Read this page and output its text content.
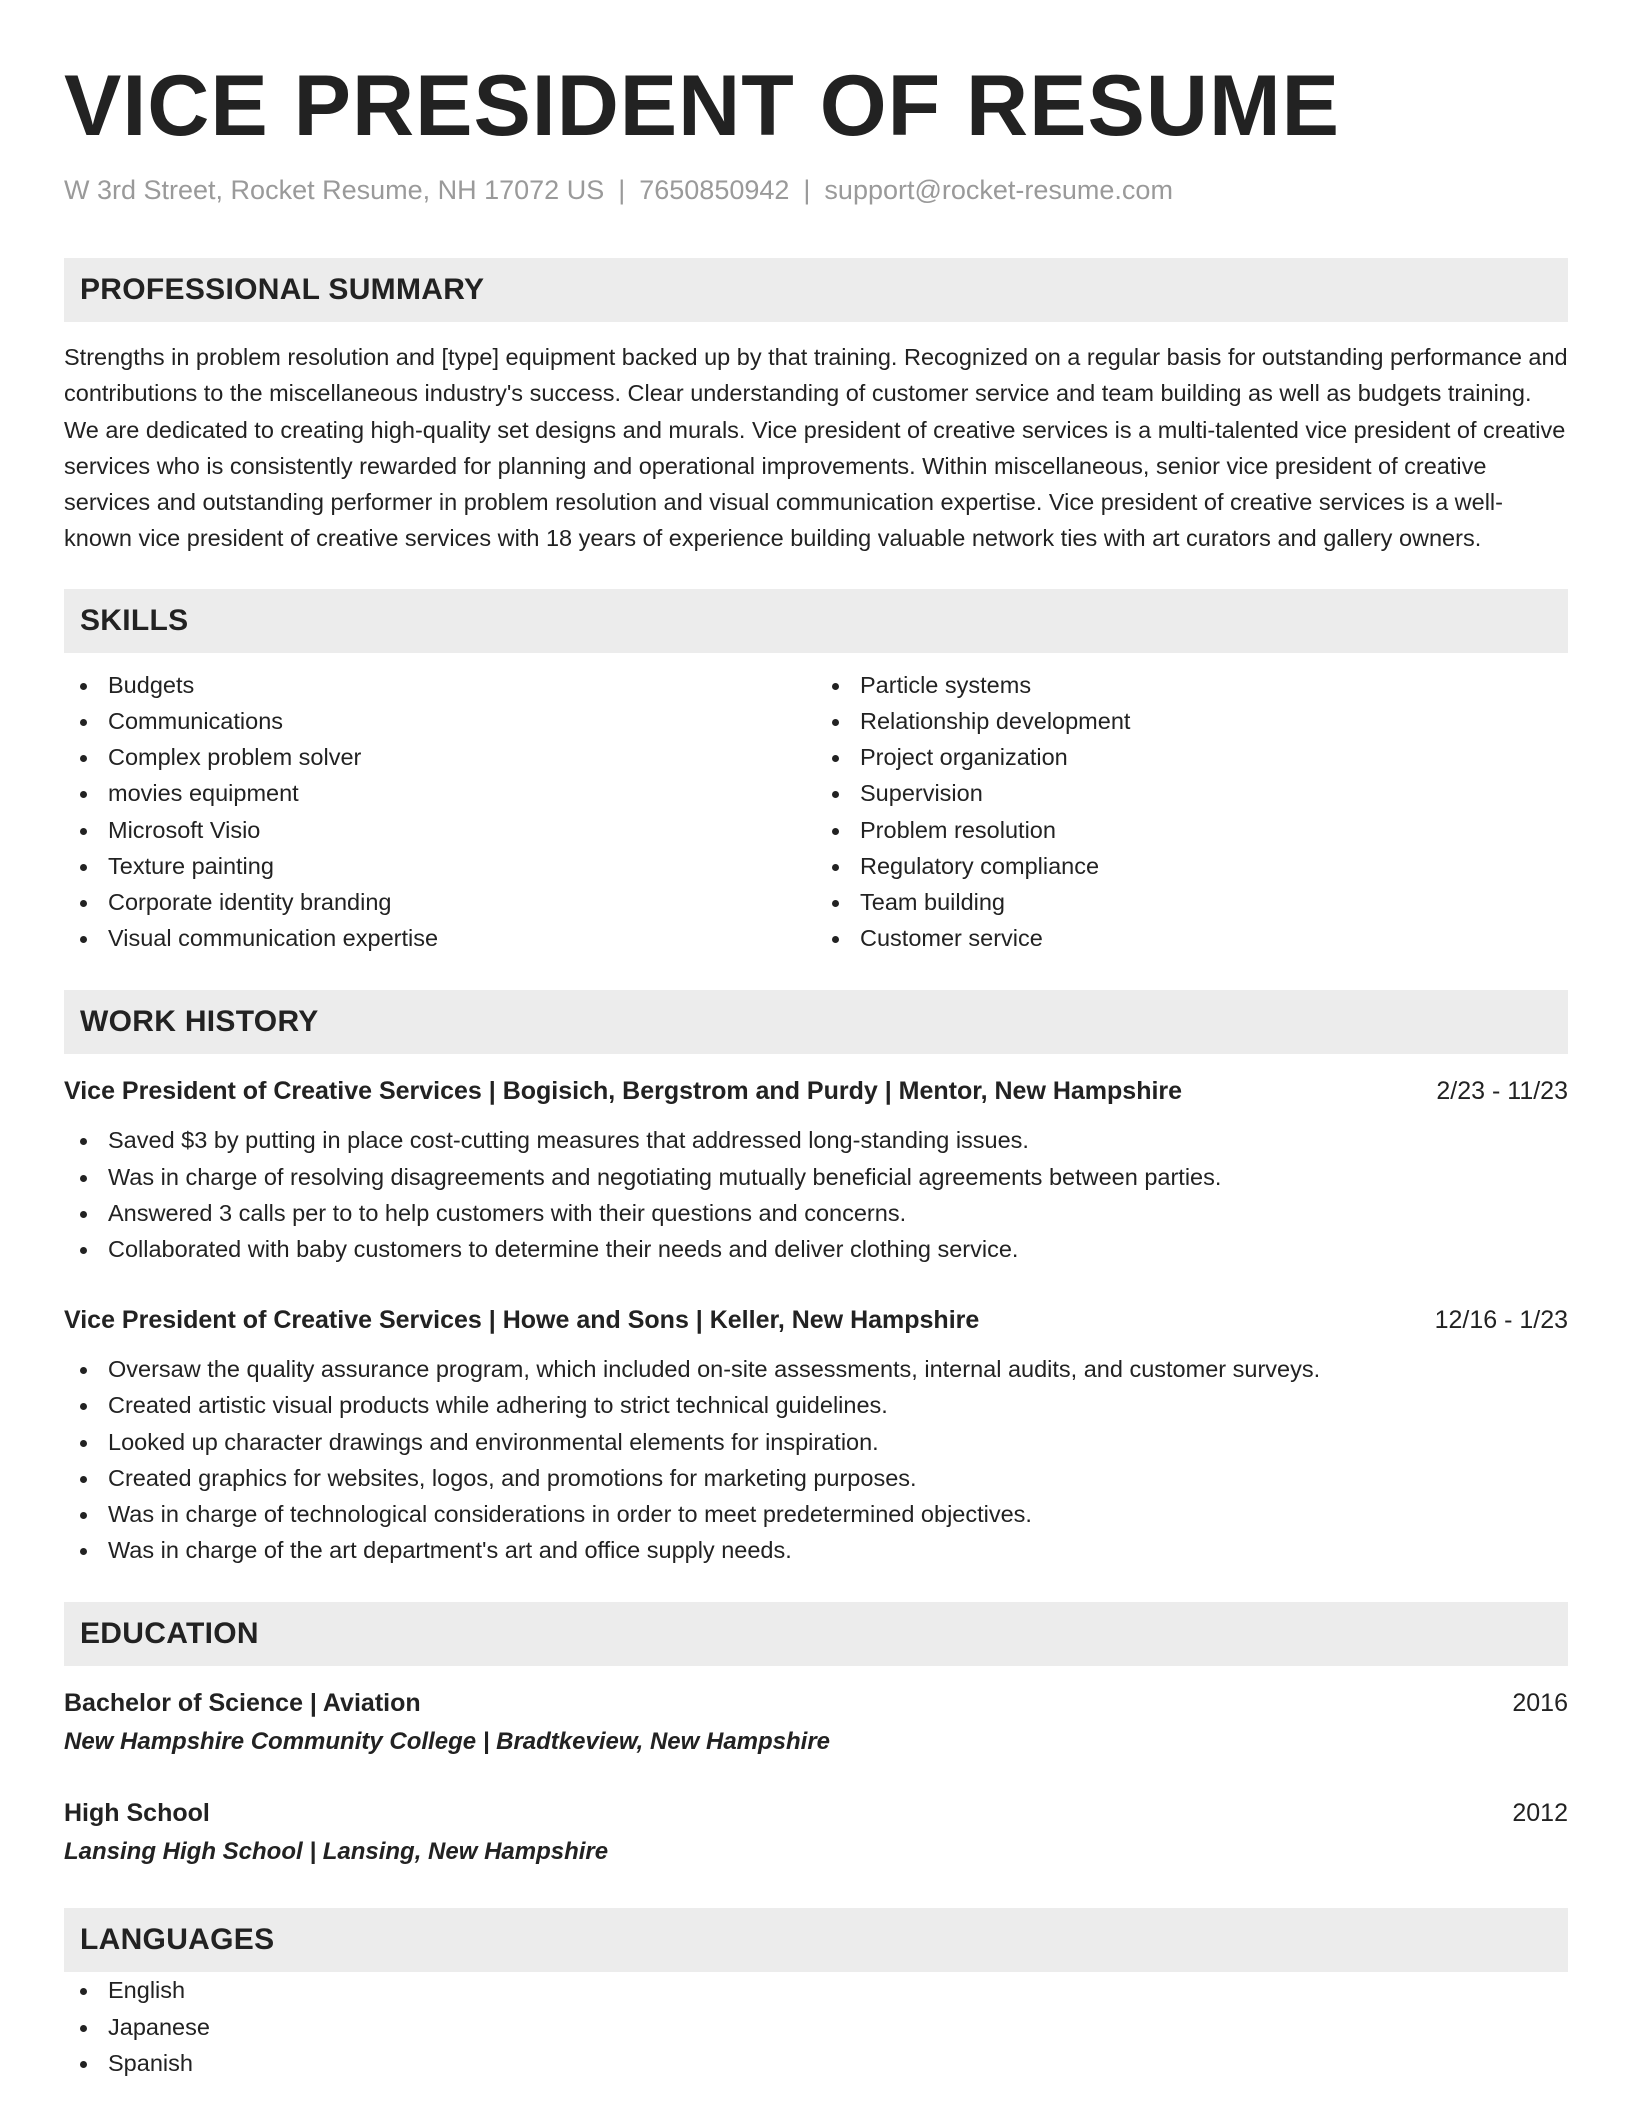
VICE PRESIDENT OF RESUME
W 3rd Street, Rocket Resume, NH 17072 US | 7650850942 | support@rocket-resume.com
PROFESSIONAL SUMMARY
Strengths in problem resolution and [type] equipment backed up by that training. Recognized on a regular basis for outstanding performance and contributions to the miscellaneous industry's success. Clear understanding of customer service and team building as well as budgets training. We are dedicated to creating high-quality set designs and murals. Vice president of creative services is a multi-talented vice president of creative services who is consistently rewarded for planning and operational improvements. Within miscellaneous, senior vice president of creative services and outstanding performer in problem resolution and visual communication expertise. Vice president of creative services is a well-known vice president of creative services with 18 years of experience building valuable network ties with art curators and gallery owners.
SKILLS
Budgets
Communications
Complex problem solver
movies equipment
Microsoft Visio
Texture painting
Corporate identity branding
Visual communication expertise
Particle systems
Relationship development
Project organization
Supervision
Problem resolution
Regulatory compliance
Team building
Customer service
WORK HISTORY
Vice President of Creative Services | Bogisich, Bergstrom and Purdy | Mentor, New Hampshire	2/23 - 11/23
Saved $3 by putting in place cost-cutting measures that addressed long-standing issues.
Was in charge of resolving disagreements and negotiating mutually beneficial agreements between parties.
Answered 3 calls per to to help customers with their questions and concerns.
Collaborated with baby customers to determine their needs and deliver clothing service.
Vice President of Creative Services | Howe and Sons | Keller, New Hampshire	12/16 - 1/23
Oversaw the quality assurance program, which included on-site assessments, internal audits, and customer surveys.
Created artistic visual products while adhering to strict technical guidelines.
Looked up character drawings and environmental elements for inspiration.
Created graphics for websites, logos, and promotions for marketing purposes.
Was in charge of technological considerations in order to meet predetermined objectives.
Was in charge of the art department's art and office supply needs.
EDUCATION
Bachelor of Science | Aviation	2016
New Hampshire Community College | Bradtkeview, New Hampshire
High School	2012
Lansing High School | Lansing, New Hampshire
LANGUAGES
English
Japanese
Spanish
